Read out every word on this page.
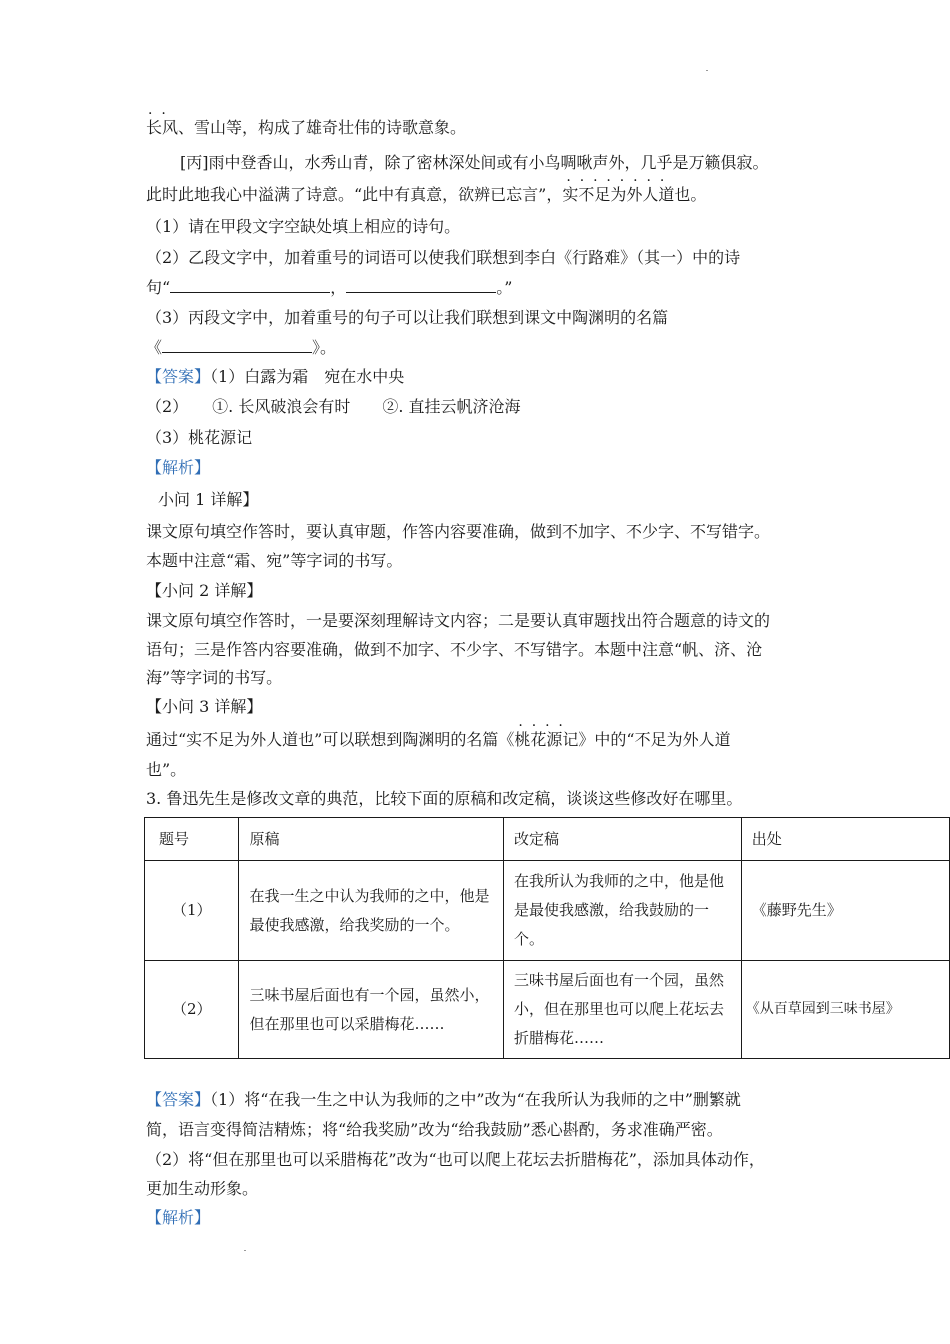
·  ·
长风、雪山等，构成了雄奇壮伟的诗歌意象。
[丙]雨中登香山，水秀山青，除了密林深处间或有小鸟啁啾声外，几乎是万籁俱寂。
此时此地我心中溢满了诗意。“此中有真意，欲辨已忘言”，
·  ·  ·  ·  ·  ·  ·  ·
实不足为外人道也。
（1）请在甲段文字空缺处填上相应的诗句。
（2）乙段文字中，加着重号的词语可以使我们联想到李白《行路难》（其一）中的诗
句“	，	。”
（3）丙段文字中，加着重号的句子可以让我们联想到课文中陶渊明的名篇
《	》。
【答案】（1）白露为霜　宛在水中央
（2）　　①. 长风破浪会有时　　②. 直挂云帆济沧海
（3）桃花源记
【解析】
小问 1 详解】
课文原句填空作答时，要认真审题，作答内容要准确，做到不加字、不少字、不写错字。
本题中注意“霜、宛”等字词的书写。
【小问 2 详解】
课文原句填空作答时，一是要深刻理解诗文内容；二是要认真审题找出符合题意的诗文的
语句；三是作答内容要准确，做到不加字、不少字、不写错字。本题中注意“帆、济、沧
海”等字词的书写。
【小问 3 详解】
通过“实不足为外人道也”可以联想到陶渊明的名篇《
·  ·  ·  ·
桃花源记》中的“不足为外人道
也”。
3. 鲁迅先生是修改文章的典范，比较下面的原稿和改定稿，谈谈这些修改好在哪里。
题号	原稿	改定稿	出处
（1）	在我一生之中认为我师的之中，他是最使我感激，给我奖励的一个。	在我所认为我师的之中，他是他是最使我感激，给我鼓励的一个。	《藤野先生》
（2）	三味书屋后面也有一个园，虽然小，但在那里也可以采腊梅花……	三味书屋后面也有一个园，虽然小，但在那里也可以爬上花坛去折腊梅花……	《从百草园到三味书屋》
【答案】（1）将“在我一生之中认为我师的之中”改为“在我所认为我师的之中”删繁就
简，语言变得简洁精炼；将“给我奖励”改为“给我鼓励”悉心斟酌，务求准确严密。
（2）将“但在那里也可以采腊梅花”改为“也可以爬上花坛去折腊梅花”，添加具体动作，
更加生动形象。
【解析】
